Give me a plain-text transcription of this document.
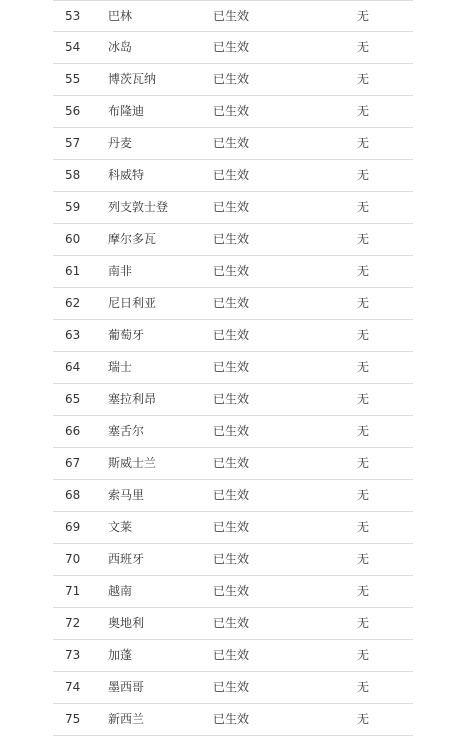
53 巴林	已生效	无
54 冰岛	已生效	无
55 博茨瓦纳	已生效	无
56 布隆迪	已生效	无
57 丹麦	已生效	无
58 科威特	已生效	无
59 列支敦士登	已生效	无
60 摩尔多瓦	已生效	无
61 南非	已生效	无
62 尼日利亚	已生效	无
63 葡萄牙	已生效	无
64 瑞士	已生效	无
65 塞拉利昂	已生效	无
66 塞舌尔	已生效	无
67 斯威士兰	已生效	无
68 索马里	已生效	无
69 文莱	已生效	无
70 西班牙	已生效	无
71 越南	已生效	无
72 奥地利	已生效	无
73 加蓬	已生效	无
74 墨西哥	已生效	无
75 新西兰	已生效	无
